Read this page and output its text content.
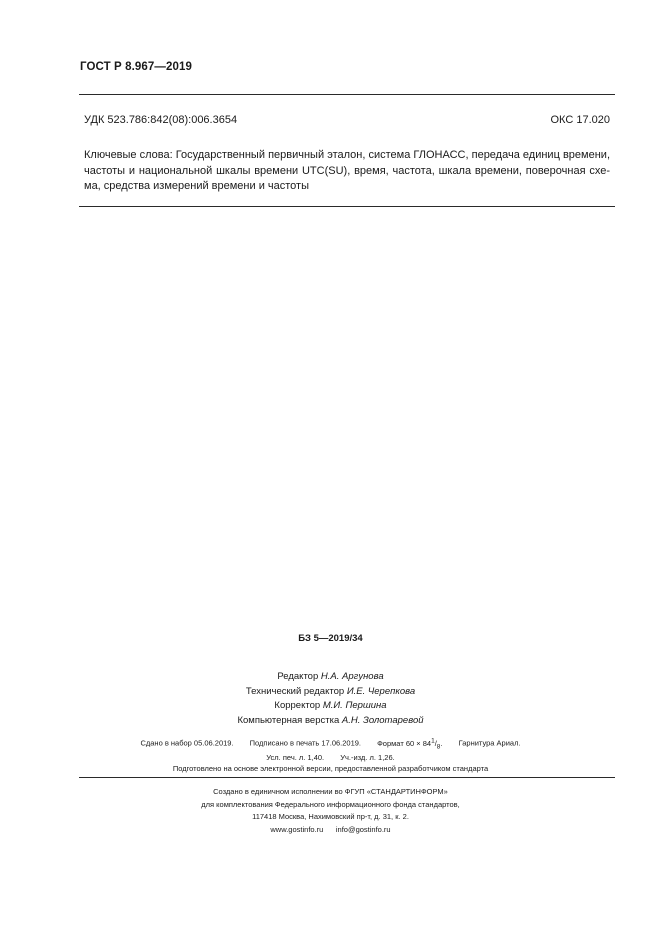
ГОСТ Р 8.967—2019
УДК 523.786:842(08):006.3654	ОКС 17.020
Ключевые слова: Государственный первичный эталон, система ГЛОНАСС, передача единиц времени,
частоты и национальной шкалы времени UTC(SU), время, частота, шкала времени, поверочная схе-
ма, средства измерений времени и частоты
БЗ 5—2019/34
Редактор Н.А. Аргунова
Технический редактор И.Е. Черепкова
Корректор М.И. Першина
Компьютерная верстка А.Н. Золотаревой
Сдано в набор 05.06.2019. Подписано в печать 17.06.2019. Формат $60 \times 84^1/_8$. Гарнитура Ариал.
Усл. печ. л. 1,40. Уч.-изд. л. 1,26.
Подготовлено на основе электронной версии, предоставленной разработчиком стандарта
Создано в единичном исполнении во ФГУП «СТАНДАРТИНФОРМ»
для комплектования Федерального информационного фонда стандартов,
117418 Москва, Нахимовский пр-т, д. 31, к. 2.
www.gostinfo.ru info@gostinfo.ru
